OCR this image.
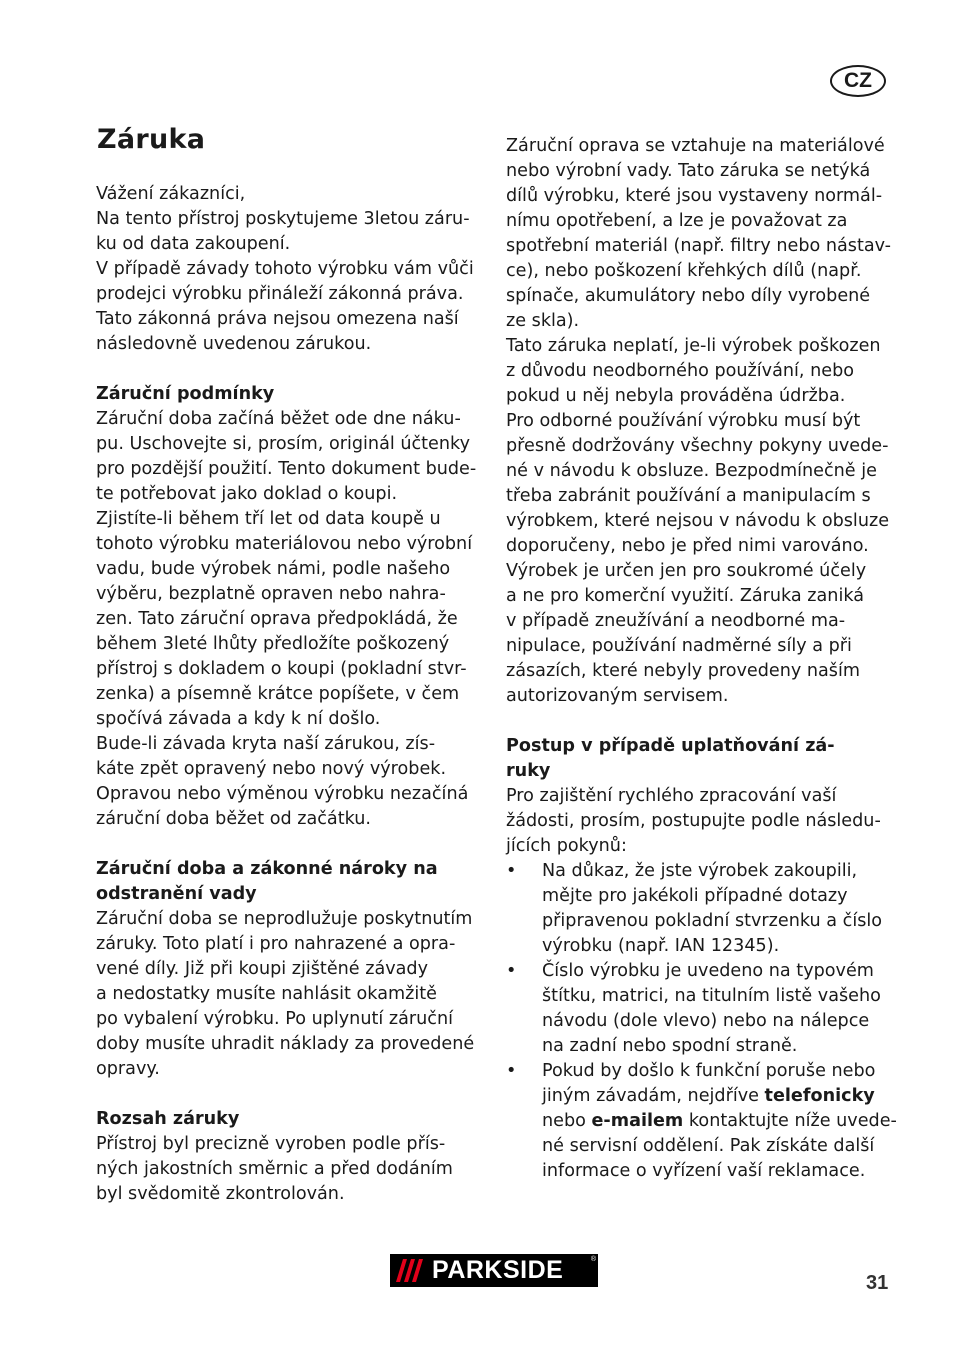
CZ
Záruka
Vážení zákazníci,
Na tento přístroj poskytujeme 3letou záru-
ku od data zakoupení.
V případě závady tohoto výrobku vám vůči
prodejci výrobku přináleží zákonná práva.
Tato zákonná práva nejsou omezena naší
následovně uvedenou zárukou.
Záruční podmínky
Záruční doba začíná běžet ode dne náku-
pu. Uschovejte si, prosím, originál účtenky
pro pozdější použití. Tento dokument bude-
te potřebovat jako doklad o koupi.
Zjistíte-li během tří let od data koupě u
tohoto výrobku materiálovou nebo výrobní
vadu, bude výrobek námi, podle našeho
výběru, bezplatně opraven nebo nahra-
zen. Tato záruční oprava předpokládá, že
během 3leté lhůty předložíte poškozený
přístroj s dokladem o koupi (pokladní stvr-
zenka) a písemně krátce popíšete, v čem
spočívá závada a kdy k ní došlo.
Bude-li závada kryta naší zárukou, zís-
káte zpět opravený nebo nový výrobek.
Opravou nebo výměnou výrobku nezačíná
záruční doba běžet od začátku.
Záruční doba a zákonné nároky na
odstranění vady
Záruční doba se neprodlužuje poskytnutím
záruky. Toto platí i pro nahrazené a opra-
vené díly. Již při koupi zjištěné závady
a nedostatky musíte nahlásit okamžitě
po vybalení výrobku. Po uplynutí záruční
doby musíte uhradit náklady za provedené
opravy.
Rozsah záruky
Přístroj byl precizně vyroben podle přís-
ných jakostních směrnic a před dodáním
byl svědomitě zkontrolován.
Záruční oprava se vztahuje na materiálové
nebo výrobní vady. Tato záruka se netýká
dílů výrobku, které jsou vystaveny normál-
nímu opotřebení, a lze je považovat za
spotřební materiál (např. filtry nebo nástav-
ce), nebo poškození křehkých dílů (např.
spínače, akumulátory nebo díly vyrobené
ze skla).
Tato záruka neplatí, je-li výrobek poškozen
z důvodu neodborného používání, nebo
pokud u něj nebyla prováděna údržba.
Pro odborné používání výrobku musí být
přesně dodržovány všechny pokyny uvede-
né v návodu k obsluze. Bezpodmínečně je
třeba zabránit používání a manipulacím s
výrobkem, které nejsou v návodu k obsluze
doporučeny, nebo je před nimi varováno.
Výrobek je určen jen pro soukromé účely
a ne pro komerční využití. Záruka zaniká
v případě zneužívání a neodborné ma-
nipulace, používání nadměrné síly a při
zásazích, které nebyly provedeny naším
autorizovaným servisem.
Postup v případě uplatňování zá-
ruky
Pro zajištění rychlého zpracování vaší
žádosti, prosím, postupujte podle následu-
jících pokynů:
• Na důkaz, že jste výrobek zakoupili,
mějte pro jakékoli případné dotazy
připravenou pokladní stvrzenku a číslo
výrobku (např. IAN 12345).
• Číslo výrobku je uvedeno na typovém
štítku, matrici, na titulním listě vašeho
návodu (dole vlevo) nebo na nálepce
na zadní nebo spodní straně.
• Pokud by došlo k funkční poruše nebo
jiným závadám, nejdříve telefonicky
nebo e-mailem kontaktujte níže uvede-
né servisní oddělení. Pak získáte další
informace o vyřízení vaší reklamace.
PARKSIDE	®
31
